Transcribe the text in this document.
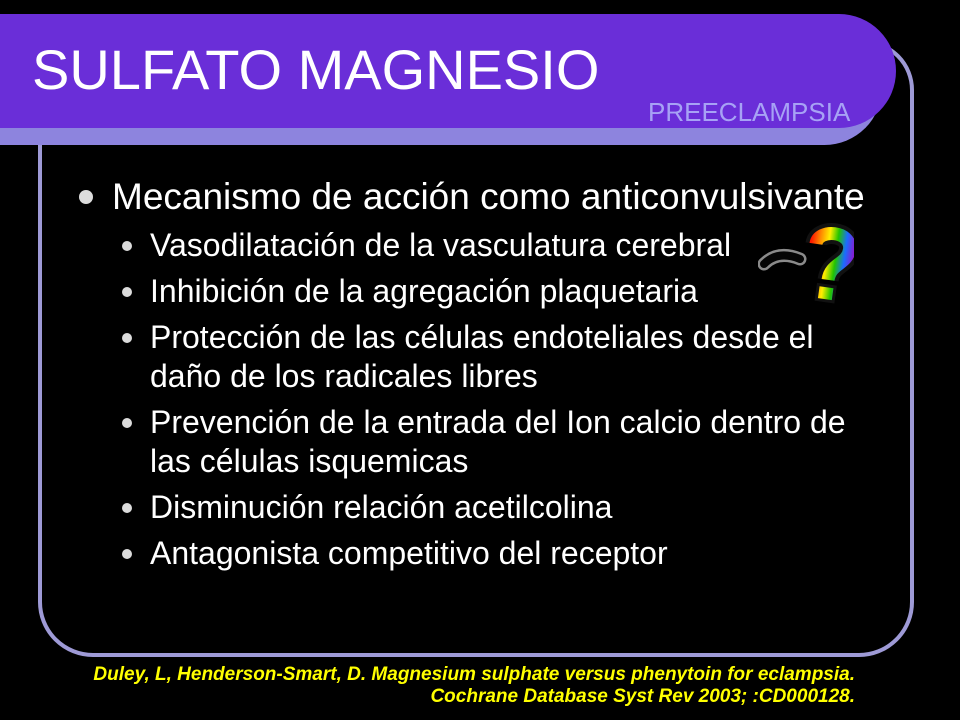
SULFATO MAGNESIO
PREECLAMPSIA
Mecanismo de acción como anticonvulsivante
Vasodilatación de la vasculatura cerebral
Inhibición de la agregación plaquetaria
Protección de las células endoteliales desde el daño de los radicales libres
Prevención de la entrada del Ion calcio dentro de las células isquemicas
Disminución relación acetilcolina
Antagonista competitivo del receptor
Duley, L, Henderson-Smart, D. Magnesium sulphate versus phenytoin for eclampsia.
Cochrane Database Syst Rev 2003; :CD000128.
